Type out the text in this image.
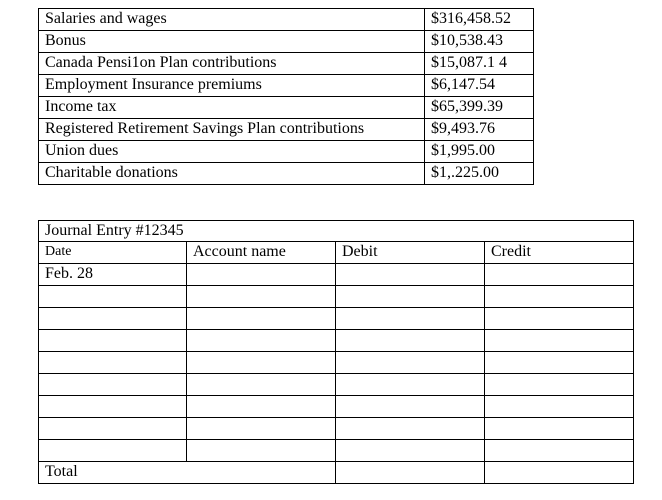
Salaries and wages	$316,458.52
Bonus	$10,538.43
Canada Pensi1on Plan contributions	$15,087.1 4
Employment Insurance premiums	$6,147.54
Income tax	$65,399.39
Registered Retirement Savings Plan contributions	$9,493.76
Union dues	$1,995.00
Charitable donations	$1,.225.00
Journal Entry #12345			
Date	Account name	Debit	Credit
Feb. 28			

Total			
